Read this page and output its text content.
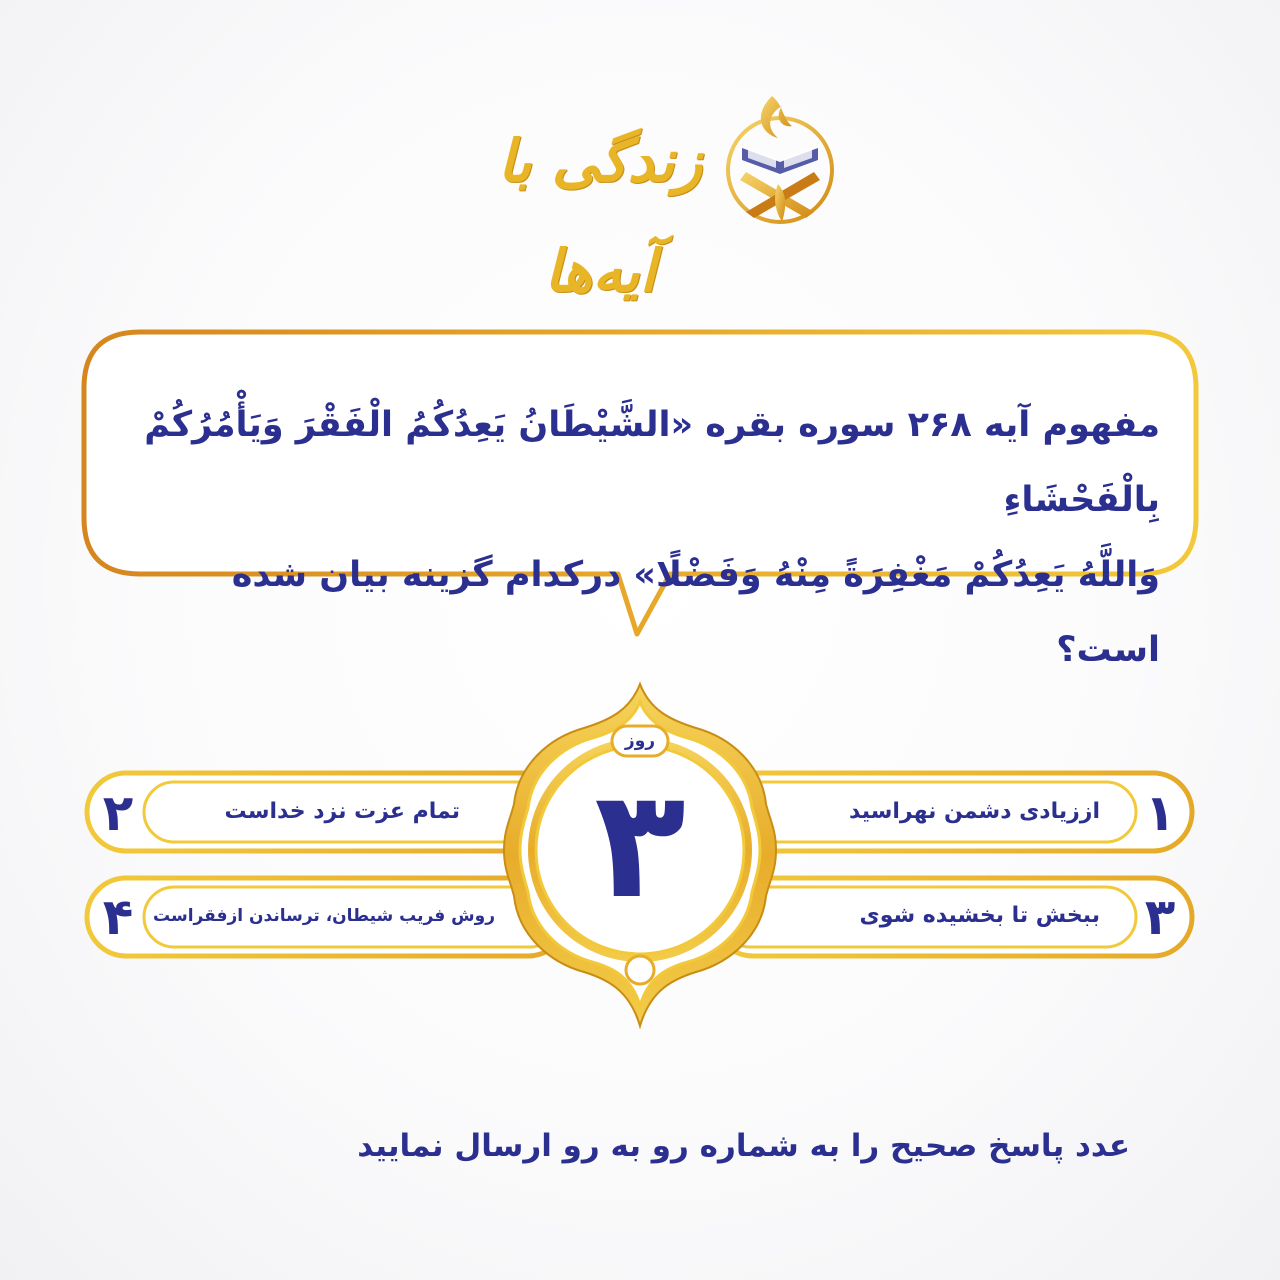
زندگی با آیه‌ها
مفهوم آیه ۲۶۸ سوره بقره «الشَّیْطَانُ یَعِدُکُمُ الْفَقْرَ وَیَأْمُرُکُمْ بِالْفَحْشَاءِ
وَاللَّهُ یَعِدُکُمْ مَغْفِرَةً مِنْهُ وَفَضْلًا» درکدام گزینه بیان شده است؟
۱
اززیادی دشمن نهراسید
۲	تمام عزت نزد خداست
۳
ببخش تا بخشیده شوی
۴	روش فریب شیطان، ترساندن ازفقراست
روز
۳
عدد پاسخ صحیح را به شماره رو به رو ارسال نمایید
